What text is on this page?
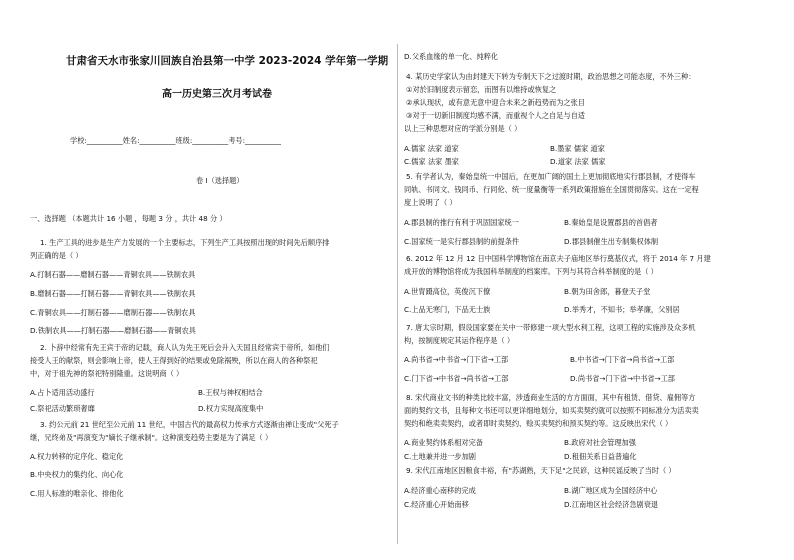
甘肃省天水市张家川回族自治县第一中学 2023-2024 学年第一学期
高一历史第三次月考试卷
学校:__________姓名:__________班级:__________考号:__________
卷 I（选择题）
一、选择题 （本题共计 16 小题 ，每题 3 分 ，共计 48 分 ）
1. 生产工具的进步是生产力发展的一个主要标志，下列生产工具按照出现的时间先后顺序排
列正确的是（ ）
A.打制石器——磨制石器——青铜农具——铁制农具
B.磨制石器——打制石器——青铜农具——铁制农具
C.青铜农具——打制石器——磨制石器——铁制农具
D.铁制农具——打制石器——磨制石器——青铜农具
2. 卜辞中经常有先王宾于帝的记载，商人认为先王死后会升入天国且经常宾于帝所，如他们
接受人王的献祭，则会影响上帝，使人王得到好的结果或免除祸殃，所以在商人的各种祭祀
中，对于祖先神的祭祀特别隆重。这说明商（ ）
A.占卜适用活动盛行	B.王权与神权相结合
C.祭祀活动繁琐奢靡	D.权力实现高度集中
3. 约公元前 21 世纪至公元前 11 世纪，中国古代的最高权力传承方式逐渐由禅让变成"父死子
继，兄终弟及"再演变为"嫡长子继承制"。这种演变趋势主要是为了满足（ ）
A.权力转移的定序化、稳定化
B.中央权力的集约化、向心化
C.用人标准的唯亲化、排他化
D.父系血缘的单一化、纯粹化
4. 某历史学家认为由封建天下转为专制天下之过渡时期，政治思想之可能态度，不外三种：
①对於旧制度表示留恋，而图有以维持或恢复之
②承认现状，或有意无意中迎合未来之新趋势而为之张目
③对于一切新旧制度均感不满，而重视个人之自足与自适
以上三种思想对应的学派分别是（ ）
A.儒家 法家 道家	B.墨家 儒家 道家
C.儒家 法家 墨家	D.道家 法家 儒家
5. 有学者认为，秦始皇统一中国后，在更加广阔的国土上更加彻底地实行郡县制，才使得车
同轨、书同文、钱同币、行同伦、统一度量衡等一系列政策措施在全国贯彻落实。这在一定程
度上说明了（ ）
A.郡县制的推行有利于巩固国家统一	B.秦始皇是设置郡县的首倡者
C.国家统一是实行郡县制的前提条件	D.郡县制催生出专制集权体制
6. 2012 年 12 月 12 日中国科学博物馆在南京夫子庙地区举行奠基仪式，将于 2014 年 7 月建
成开放的博物馆将成为我国科举制度的档案库。下列与其符合科举制度的是（ ）
A.世胄蹑高位，英俊沉下僚	B.朝为田舍郎，暮登天子堂
C.上品无寒门，下品无士族	D.举秀才，不知书；举孝廉，父别居
7. 唐太宗时期，假设国家要在关中一带修建一项大型水利工程，这项工程的实施涉及众多机
构，按制度规定其运作程序是（ ）
A.尚书省→中书省→门下省→工部	B.中书省→门下省→尚书省→工部
C.门下省→中书省→尚书省→工部	D.尚书省→门下省→中书省→工部
8. 宋代商业文书的种类比较丰富，涉透商业生活的方方面面，其中有租赁、借贷、雇佣等方
面的契约文书，且每种文书还可以更详细地划分，如买卖契约就可以按照不同标准分为活卖卖
契约和绝卖卖契约，或者即时卖契约、赊买卖契约和预买契约等。这反映出宋代（ ）
A.商业契约体系相对完备	B.政府对社会管理加强
C.土地兼并进一步加剧	D.租佃关系日益普遍化
9. 宋代江南地区因粮食丰裕，有"苏湖熟，天下足"之民谚，这种民谣反映了当时（ ）
A.经济重心南移的完成	B.湖广地区成为全国经济中心
C.经济重心开始南移	D.江南地区社会经济急剧衰退
